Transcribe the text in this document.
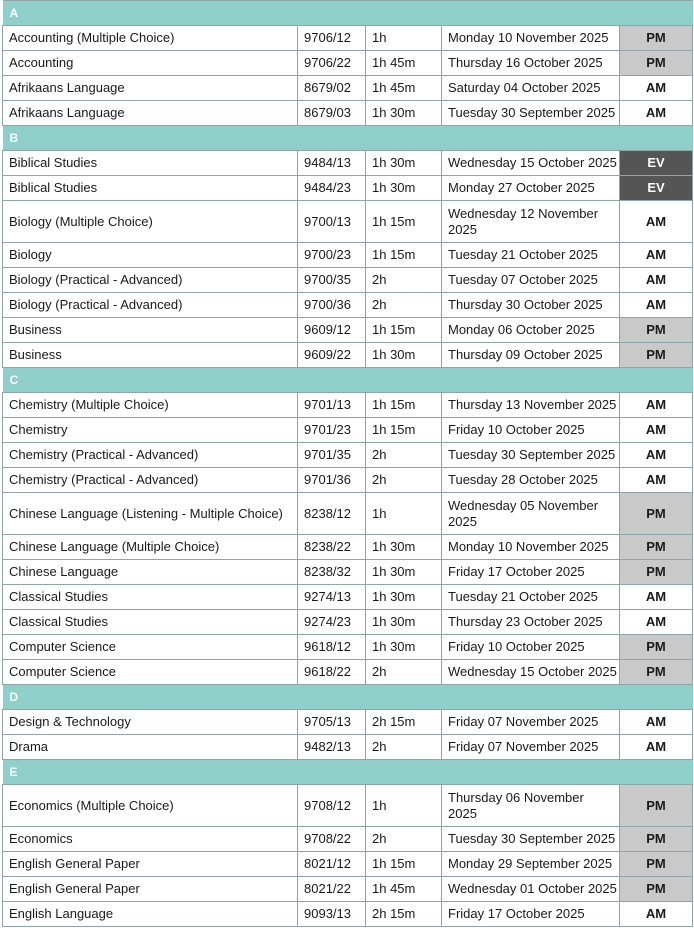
A				
Accounting (Multiple Choice)	9706/12	1h	Monday 10 November 2025	PM
Accounting	9706/22	1h 45m	Thursday 16 October 2025	PM
Afrikaans Language	8679/02	1h 45m	Saturday 04 October 2025	AM
Afrikaans Language	8679/03	1h 30m	Tuesday 30 September 2025	AM
B				
Biblical Studies	9484/13	1h 30m	Wednesday 15 October 2025	EV
Biblical Studies	9484/23	1h 30m	Monday 27 October 2025	EV
Biology (Multiple Choice)	9700/13	1h 15m	Wednesday 12 November 2025	AM
Biology	9700/23	1h 15m	Tuesday 21 October 2025	AM
Biology (Practical - Advanced)	9700/35	2h	Tuesday 07 October 2025	AM
Biology (Practical - Advanced)	9700/36	2h	Thursday 30 October 2025	AM
Business	9609/12	1h 15m	Monday 06 October 2025	PM
Business	9609/22	1h 30m	Thursday 09 October 2025	PM
C				
Chemistry (Multiple Choice)	9701/13	1h 15m	Thursday 13 November 2025	AM
Chemistry	9701/23	1h 15m	Friday 10 October 2025	AM
Chemistry (Practical - Advanced)	9701/35	2h	Tuesday 30 September 2025	AM
Chemistry (Practical - Advanced)	9701/36	2h	Tuesday 28 October 2025	AM
Chinese Language (Listening - Multiple Choice)	8238/12	1h	Wednesday 05 November 2025	PM
Chinese Language (Multiple Choice)	8238/22	1h 30m	Monday 10 November 2025	PM
Chinese Language	8238/32	1h 30m	Friday 17 October 2025	PM
Classical Studies	9274/13	1h 30m	Tuesday 21 October 2025	AM
Classical Studies	9274/23	1h 30m	Thursday 23 October 2025	AM
Computer Science	9618/12	1h 30m	Friday 10 October 2025	PM
Computer Science	9618/22	2h	Wednesday 15 October 2025	PM
D				
Design & Technology	9705/13	2h 15m	Friday 07 November 2025	AM
Drama	9482/13	2h	Friday 07 November 2025	AM
E				
Economics (Multiple Choice)	9708/12	1h	Thursday 06 November 2025	PM
Economics	9708/22	2h	Tuesday 30 September 2025	PM
English General Paper	8021/12	1h 15m	Monday 29 September 2025	PM
English General Paper	8021/22	1h 45m	Wednesday 01 October 2025	PM
English Language	9093/13	2h 15m	Friday 17 October 2025	AM
